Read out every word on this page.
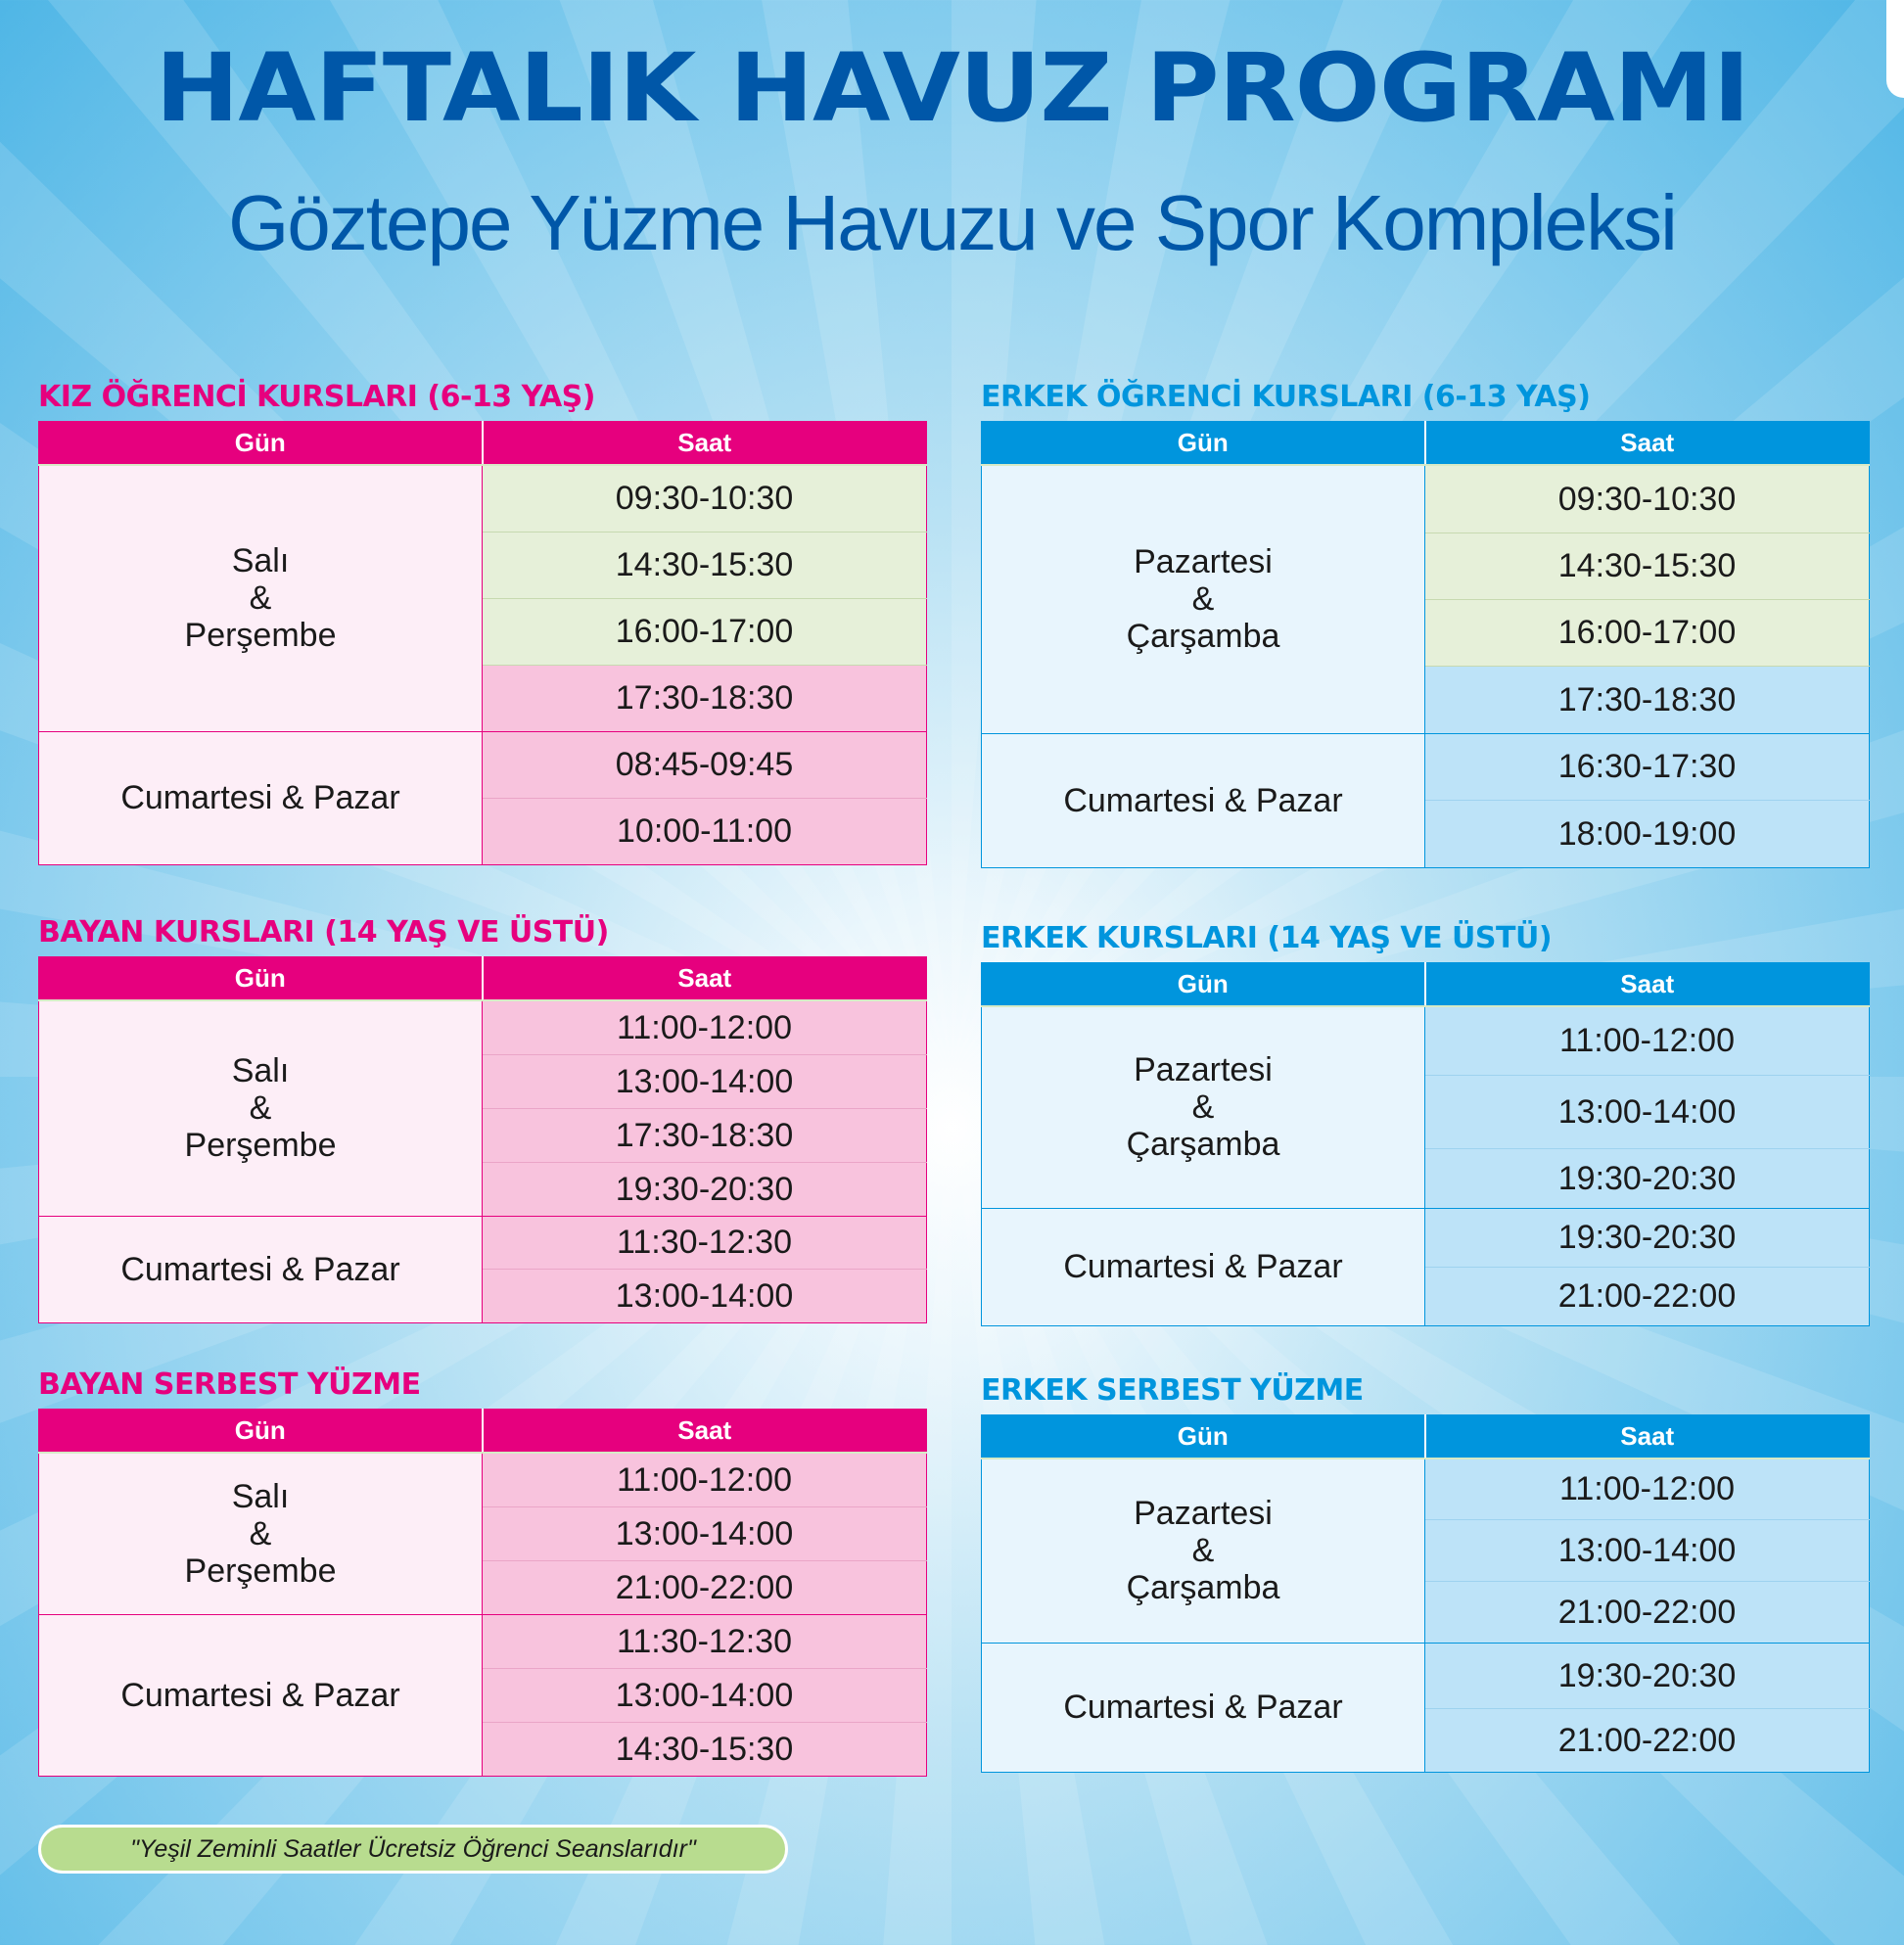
HAFTALIK HAVUZ PROGRAMI
Göztepe Yüzme Havuzu ve Spor Kompleksi
KIZ ÖĞRENCİ KURSLARI (6-13 YAŞ)
Gün	Saat

Salı
&
Perşembe	09:30-10:30
	14:30-15:30
	16:00-17:00
	17:30-18:30

Cumartesi & Pazar	08:45-09:45
	10:00-11:00
ERKEK ÖĞRENCİ KURSLARI (6-13 YAŞ)
Gün	Saat

Pazartesi
&
Çarşamba	09:30-10:30
	14:30-15:30
	16:00-17:00
	17:30-18:30

Cumartesi & Pazar	16:30-17:30
	18:00-19:00
BAYAN KURSLARI (14 YAŞ VE ÜSTÜ)
Gün	Saat

Salı
&
Perşembe	11:00-12:00
	13:00-14:00
	17:30-18:30
	19:30-20:30

Cumartesi & Pazar	11:30-12:30
	13:00-14:00
ERKEK KURSLARI (14 YAŞ VE ÜSTÜ)
Gün	Saat

Pazartesi
&
Çarşamba	11:00-12:00
	13:00-14:00
	19:30-20:30

Cumartesi & Pazar	19:30-20:30
	21:00-22:00
BAYAN SERBEST YÜZME
Gün	Saat

Salı
&
Perşembe	11:00-12:00
	13:00-14:00
	21:00-22:00

Cumartesi & Pazar	11:30-12:30
	13:00-14:00
	14:30-15:30
ERKEK SERBEST YÜZME
Gün	Saat

Pazartesi
&
Çarşamba	11:00-12:00
	13:00-14:00
	21:00-22:00

Cumartesi & Pazar	19:30-20:30
	21:00-22:00
"Yeşil Zeminli Saatler Ücretsiz Öğrenci Seanslarıdır"
